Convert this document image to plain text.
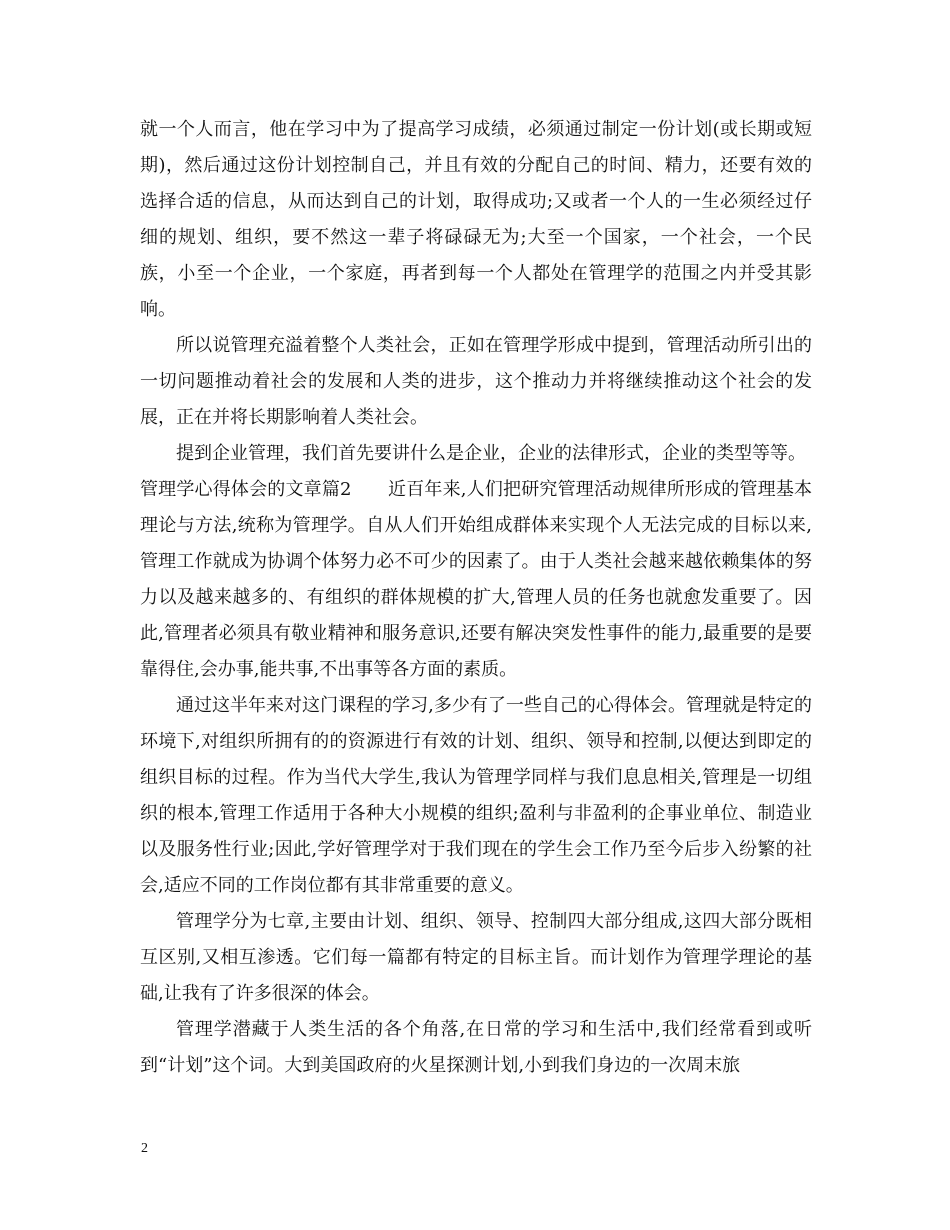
就一个人而言，他在学习中为了提高学习成绩，必须通过制定一份计划(或长期或短期)，然后通过这份计划控制自己，并且有效的分配自己的时间、精力，还要有效的选择合适的信息，从而达到自己的计划，取得成功;又或者一个人的一生必须经过仔细的规划、组织，要不然这一辈子将碌碌无为;大至一个国家，一个社会，一个民族，小至一个企业，一个家庭，再者到每一个人都处在管理学的范围之内并受其影响。

所以说管理充溢着整个人类社会，正如在管理学形成中提到，管理活动所引出的一切问题推动着社会的发展和人类的进步，这个推动力并将继续推动这个社会的发展，正在并将长期影响着人类社会。

提到企业管理，我们首先要讲什么是企业，企业的法律形式，企业的类型等等。

管理学心得体会的文章篇2　　近百年来,人们把研究管理活动规律所形成的管理基本理论与方法,统称为管理学。自从人们开始组成群体来实现个人无法完成的目标以来,管理工作就成为协调个体努力必不可少的因素了。由于人类社会越来越依赖集体的努力以及越来越多的、有组织的群体规模的扩大,管理人员的任务也就愈发重要了。因此,管理者必须具有敬业精神和服务意识,还要有解决突发性事件的能力,最重要的是要靠得住,会办事,能共事,不出事等各方面的素质。

通过这半年来对这门课程的学习,多少有了一些自己的心得体会。管理就是特定的环境下,对组织所拥有的的资源进行有效的计划、组织、领导和控制,以便达到即定的组织目标的过程。作为当代大学生,我认为管理学同样与我们息息相关,管理是一切组织的根本,管理工作适用于各种大小规模的组织;盈利与非盈利的企事业单位、制造业以及服务性行业;因此,学好管理学对于我们现在的学生会工作乃至今后步入纷繁的社会,适应不同的工作岗位都有其非常重要的意义。

管理学分为七章,主要由计划、组织、领导、控制四大部分组成,这四大部分既相互区别,又相互渗透。它们每一篇都有特定的目标主旨。而计划作为管理学理论的基础,让我有了许多很深的体会。

管理学潜藏于人类生活的各个角落,在日常的学习和生活中,我们经常看到或听到“计划”这个词。大到美国政府的火星探测计划,小到我们身边的一次周末旅

2
